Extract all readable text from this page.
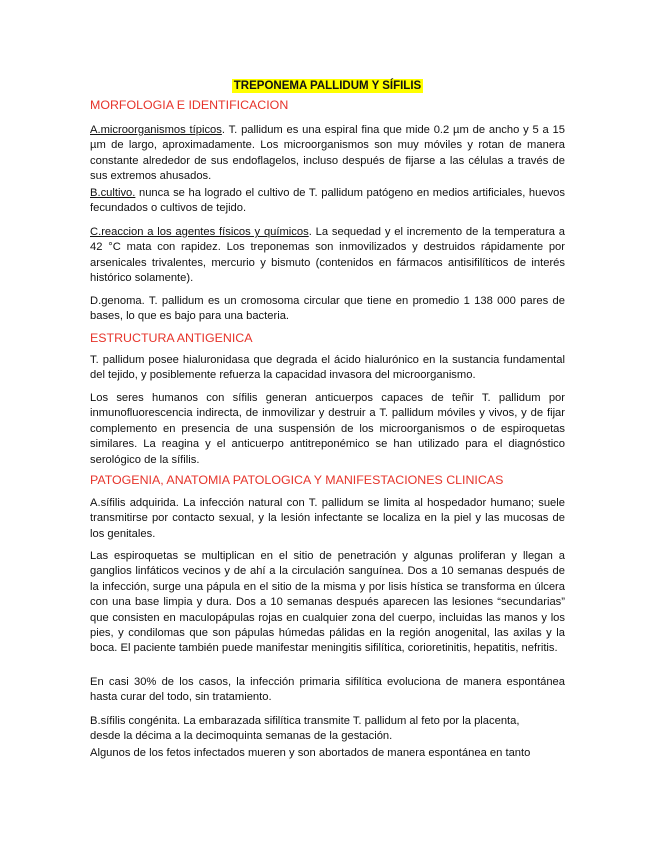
TREPONEMA PALLIDUM Y SÍFILIS
MORFOLOGIA E IDENTIFICACION

A.microorganismos típicos. T. pallidum es una espiral fina que mide 0.2 µm de ancho y 5 a 15 µm de largo, aproximadamente. Los microorganismos son muy móviles y rotan de manera constante alrededor de sus endoflagelos, incluso después de fijarse a las células a través de sus extremos ahusados.

B.cultivo. nunca se ha logrado el cultivo de T. pallidum patógeno en medios artificiales, huevos fecundados o cultivos de tejido.

C.reaccion a los agentes físicos y químicos. La sequedad y el incremento de la temperatura a 42 °C mata con rapidez. Los treponemas son inmovilizados y destruidos rápidamente por arsenicales trivalentes, mercurio y bismuto (contenidos en fármacos antisifilíticos de interés histórico solamente).

D.genoma. T. pallidum es un cromosoma circular que tiene en promedio 1 138 000 pares de bases, lo que es bajo para una bacteria.

ESTRUCTURA ANTIGENICA

T. pallidum posee hialuronidasa que degrada el ácido hialurónico en la sustancia fundamental del tejido, y posiblemente refuerza la capacidad invasora del microorganismo.

Los seres humanos con sífilis generan anticuerpos capaces de teñir T. pallidum por inmunofluorescencia indirecta, de inmovilizar y destruir a T. pallidum móviles y vivos, y de fijar complemento en presencia de una suspensión de los microorganismos o de espiroquetas similares. La reagina y el anticuerpo antitreponémico se han utilizado para el diagnóstico serológico de la sífilis.

PATOGENIA, ANATOMIA PATOLOGICA Y MANIFESTACIONES CLINICAS

A.sífilis adquirida. La infección natural con T. pallidum se limita al hospedador humano; suele transmitirse por contacto sexual, y la lesión infectante se localiza en la piel y las mucosas de los genitales.

Las espiroquetas se multiplican en el sitio de penetración y algunas proliferan y llegan a ganglios linfáticos vecinos y de ahí a la circulación sanguínea. Dos a 10 semanas después de la infección, surge una pápula en el sitio de la misma y por lisis hística se transforma en úlcera con una base limpia y dura. Dos a 10 semanas después aparecen las lesiones “secundarias” que consisten en maculopápulas rojas en cualquier zona del cuerpo, incluidas las manos y los pies, y condilomas que son pápulas húmedas pálidas en la región anogenital, las axilas y la boca. El paciente también puede manifestar meningitis sifilítica, corioretinitis, hepatitis, nefritis.

En casi 30% de los casos, la infección primaria sifilítica evoluciona de manera espontánea hasta curar del todo, sin tratamiento.

B.sífilis congénita. La embarazada sifilítica transmite T. pallidum al feto por la placenta,
desde la décima a la decimoquinta semanas de la gestación.

Algunos de los fetos infectados mueren y son abortados de manera espontánea en tanto
